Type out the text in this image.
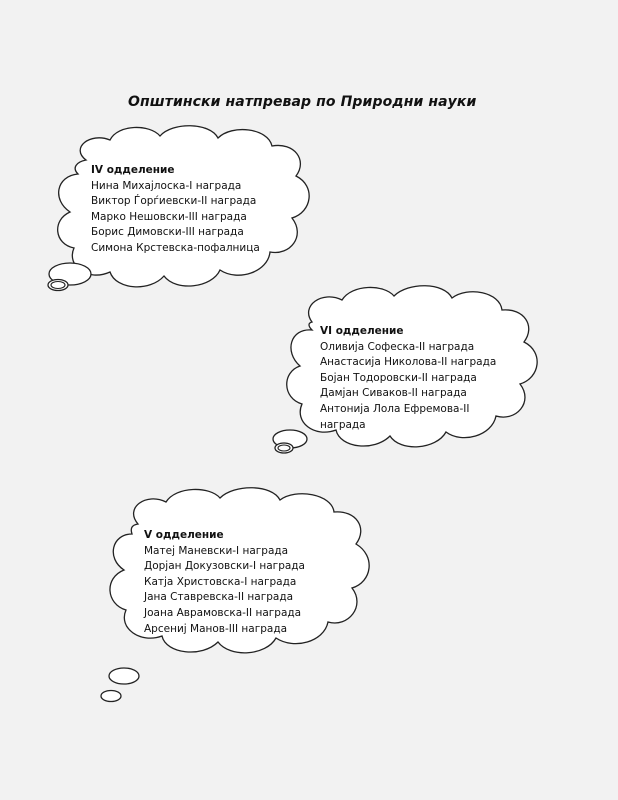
Општински натпревар по Природни науки
IV одделение
Нина Михајлоска-I награда
Виктор Ѓорѓиевски-II награда
Марко Нешовски-III награда
Борис Димовски-III награда
Симона Крстевска-пофалница
VI одделение
Оливија Софеска-II награда
Анастасија Николова-II награда
Бојан Тодоровски-II награда
Дамјан Сиваков-II награда
Антонија Лола Ефремова-II
награда
V одделение
Матеј Маневски-I награда
Дорјан Докузовски-I награда
Катја Христовска-I награда
Јана Ставревска-II награда
Јоана Аврамовска-II награда
Арсениј Манов-III награда
